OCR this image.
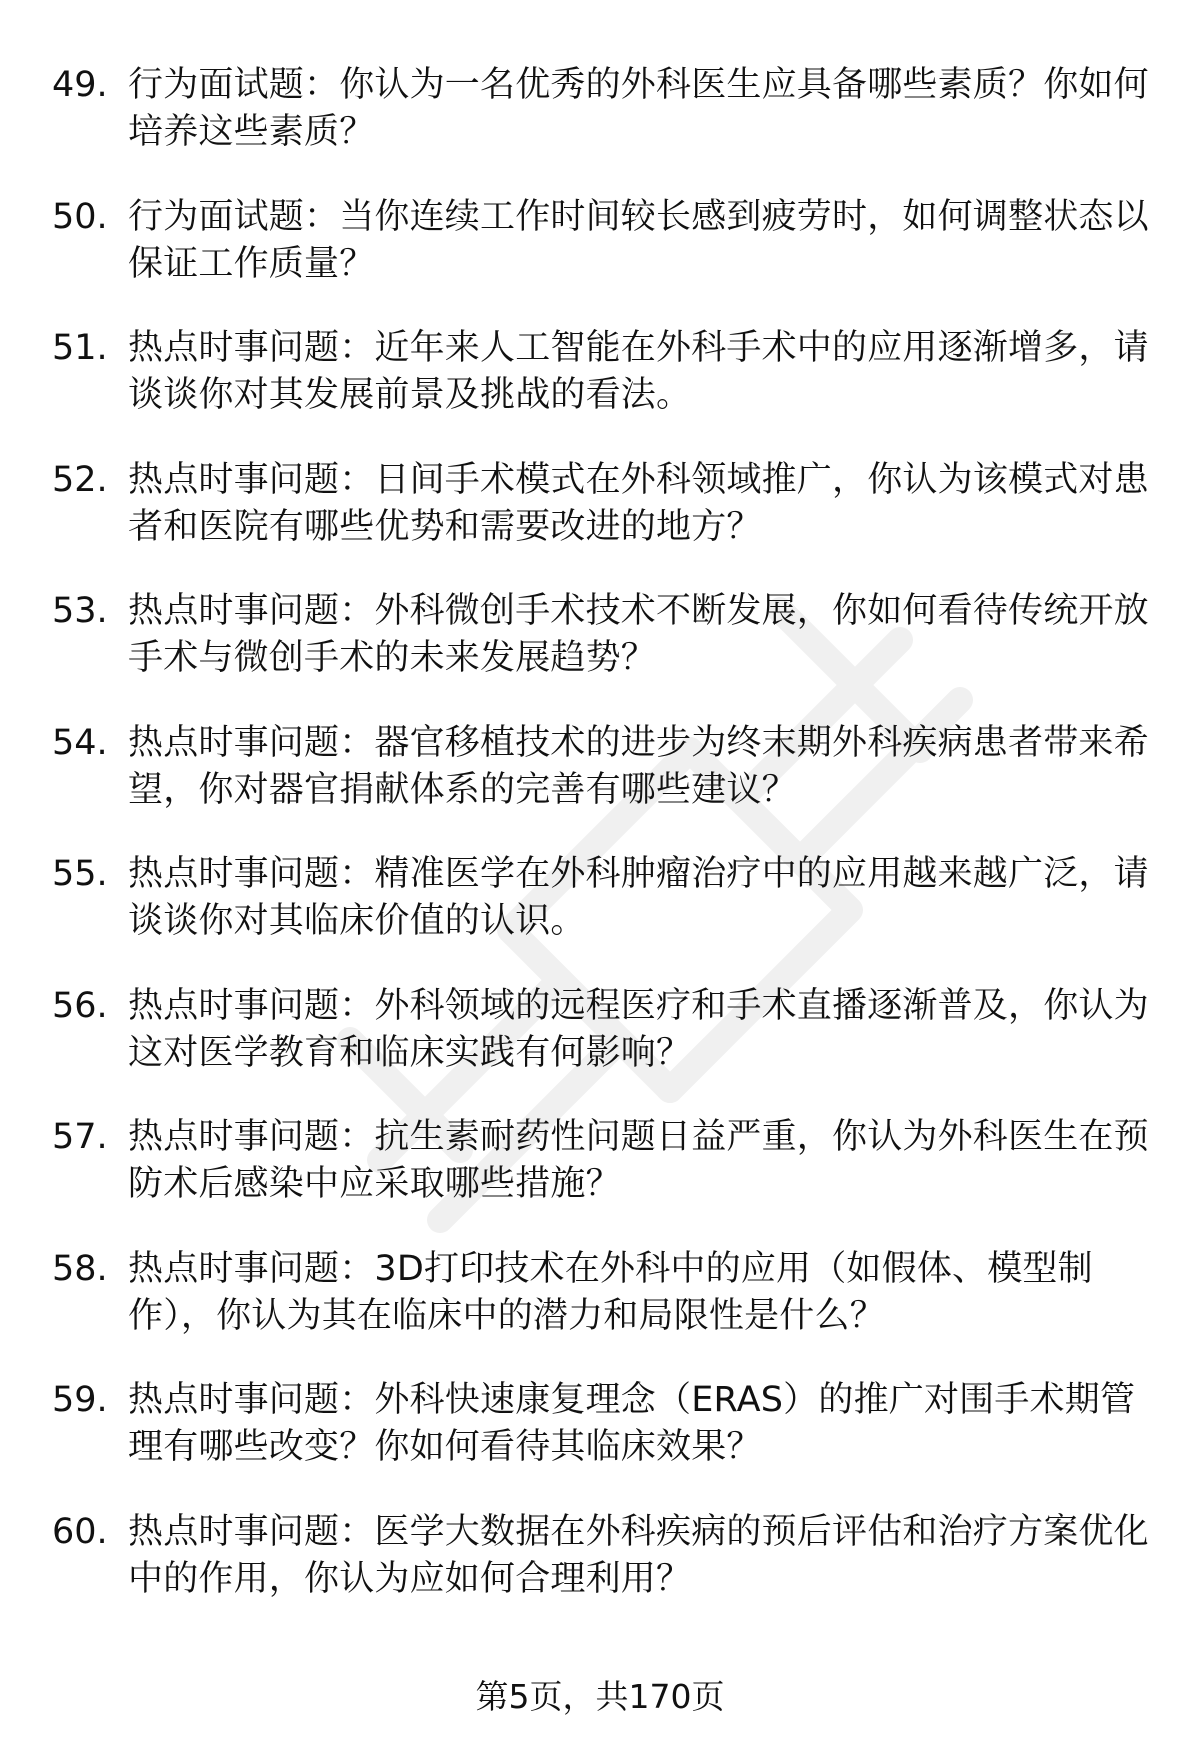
49. 行为面试题：你认为一名优秀的外科医生应具备哪些素质？你如何培养这些素质？
50. 行为面试题：当你连续工作时间较长感到疲劳时，如何调整状态以保证工作质量？
51. 热点时事问题：近年来人工智能在外科手术中的应用逐渐增多，请谈谈你对其发展前景及挑战的看法。
52. 热点时事问题：日间手术模式在外科领域推广，你认为该模式对患者和医院有哪些优势和需要改进的地方？
53. 热点时事问题：外科微创手术技术不断发展，你如何看待传统开放手术与微创手术的未来发展趋势？
54. 热点时事问题：器官移植技术的进步为终末期外科疾病患者带来希望，你对器官捐献体系的完善有哪些建议？
55. 热点时事问题：精准医学在外科肿瘤治疗中的应用越来越广泛，请谈谈你对其临床价值的认识。
56. 热点时事问题：外科领域的远程医疗和手术直播逐渐普及，你认为这对医学教育和临床实践有何影响？
57. 热点时事问题：抗生素耐药性问题日益严重，你认为外科医生在预防术后感染中应采取哪些措施？
58. 热点时事问题：3D打印技术在外科中的应用（如假体、模型制作），你认为其在临床中的潜力和局限性是什么？
59. 热点时事问题：外科快速康复理念（ERAS）的推广对围手术期管理有哪些改变？你如何看待其临床效果？
60. 热点时事问题：医学大数据在外科疾病的预后评估和治疗方案优化中的作用，你认为应如何合理利用？
第5页，共170页
